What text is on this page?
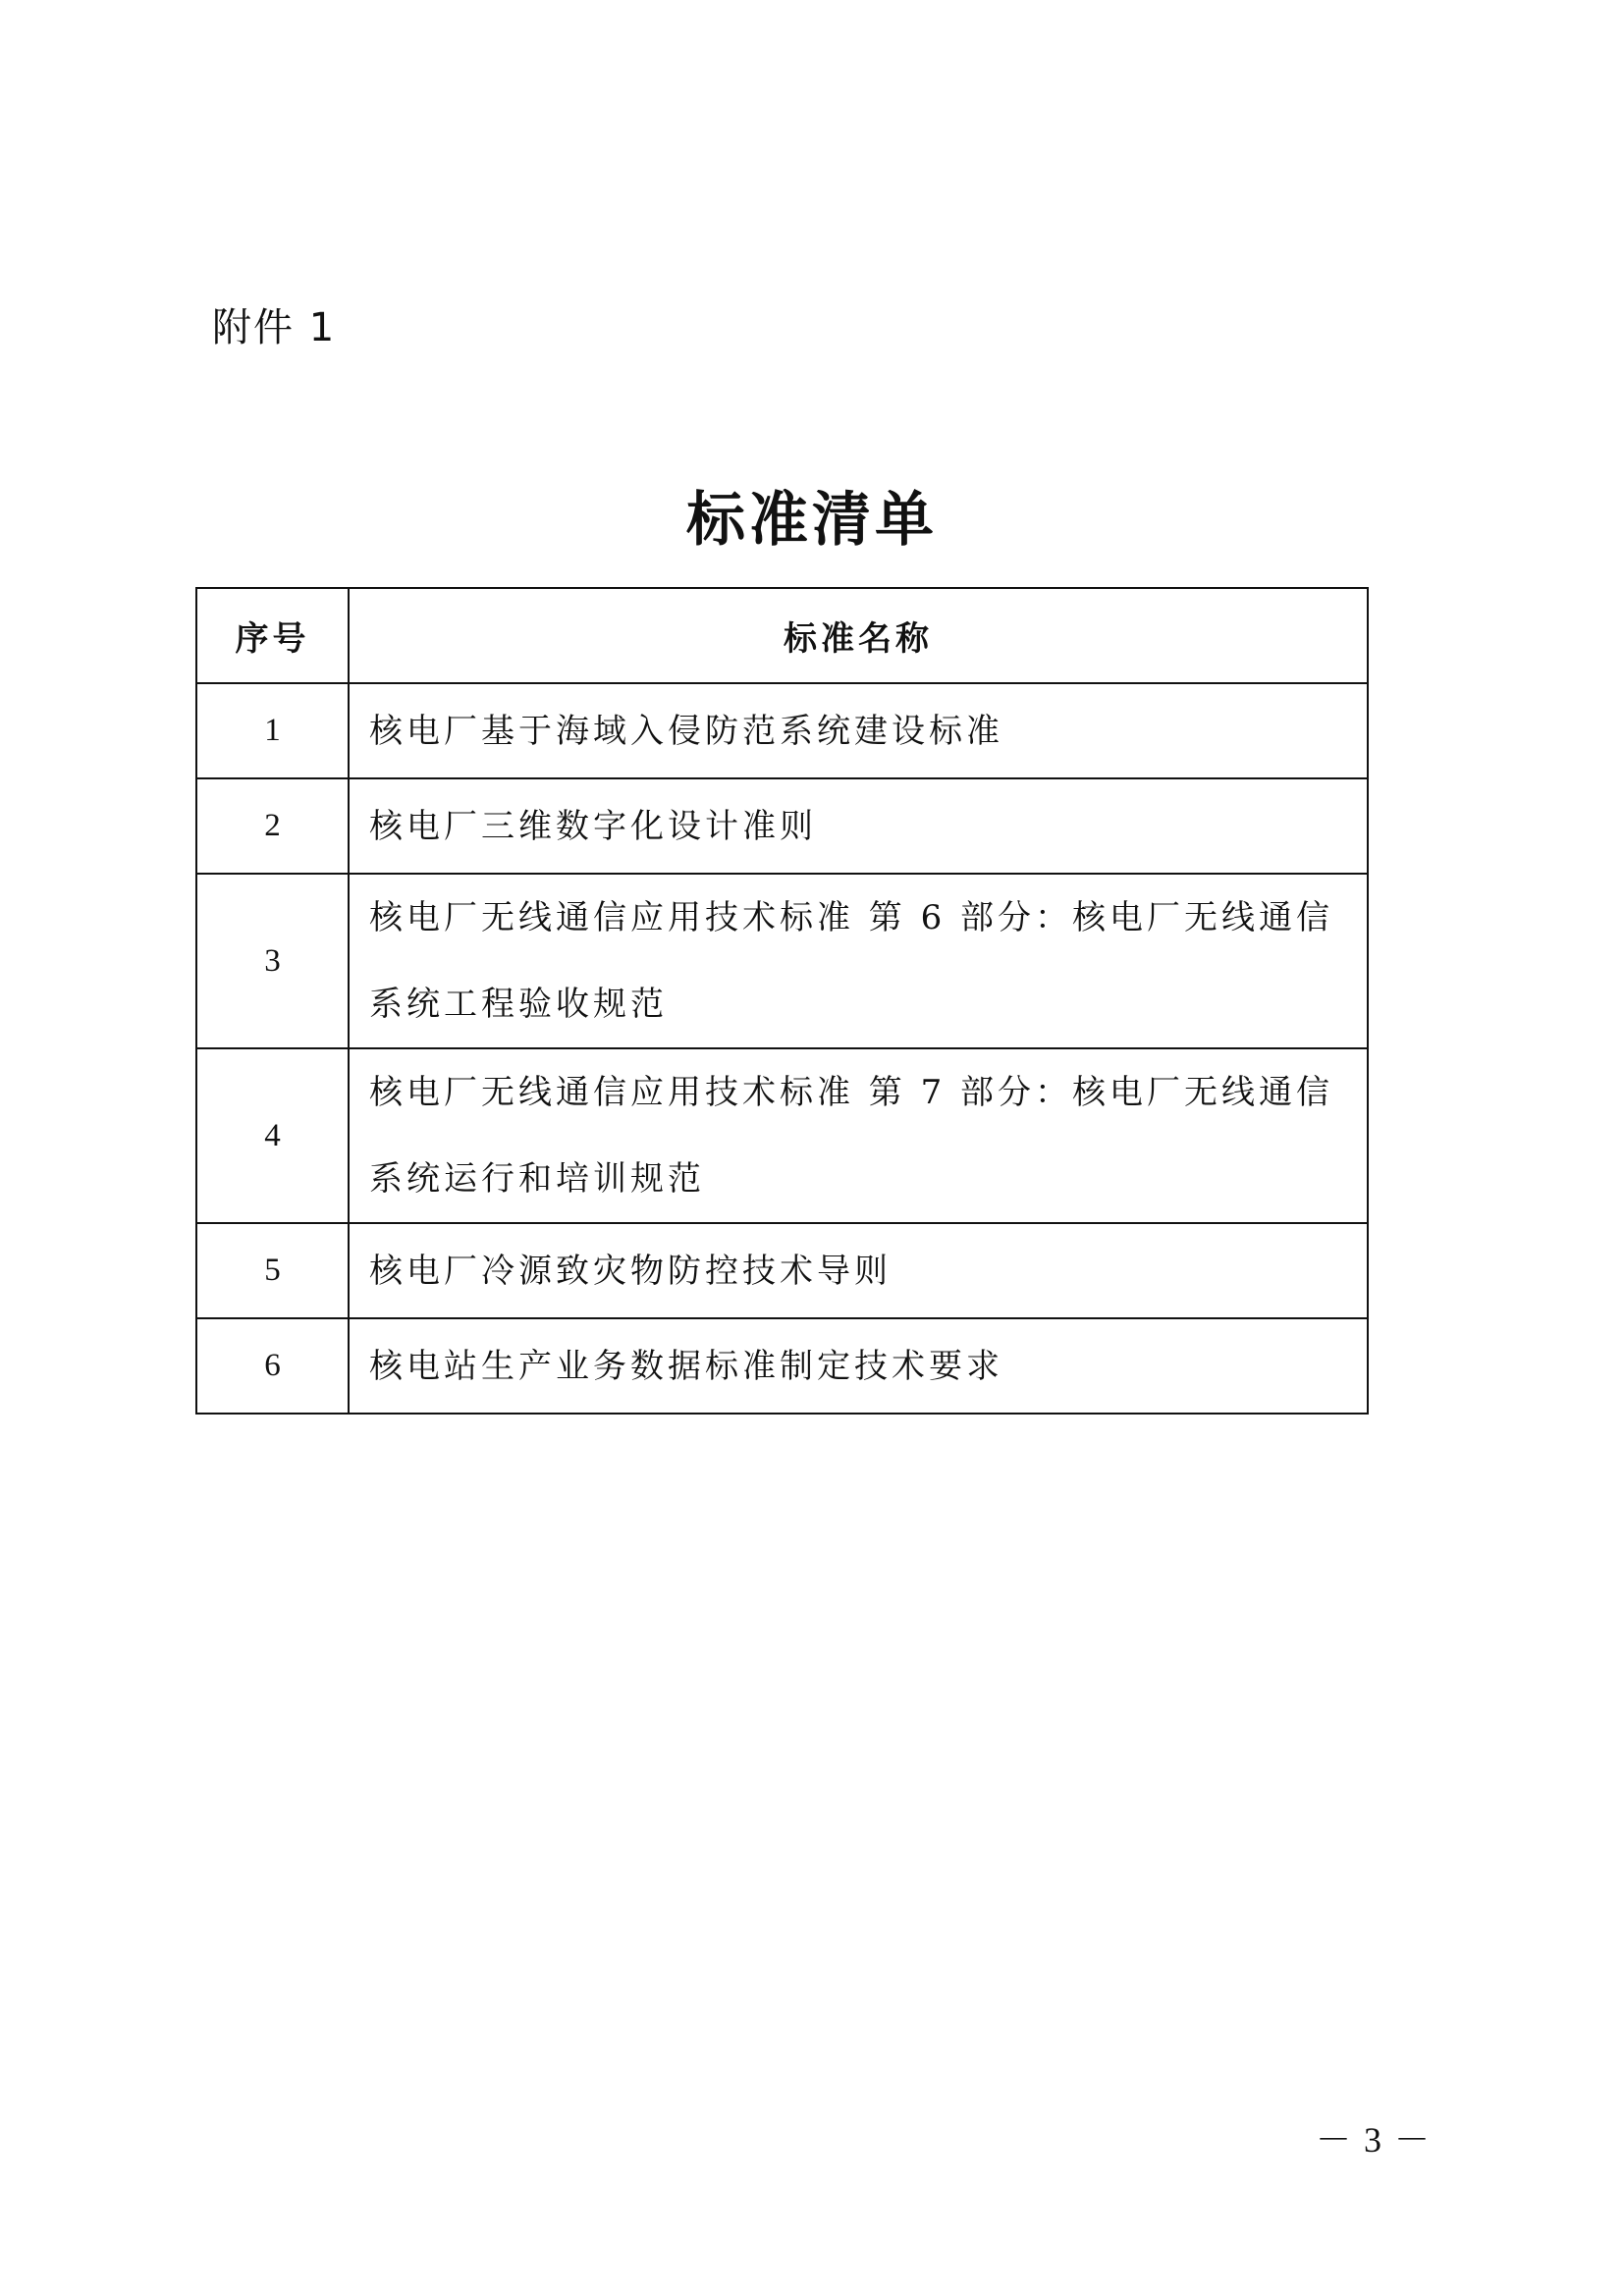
附件 1
标准清单
序号	标准名称
1	核电厂基于海域入侵防范系统建设标准
2	核电厂三维数字化设计准则
3	核电厂无线通信应用技术标准 第 6 部分：核电厂无线通信系统工程验收规范
4	核电厂无线通信应用技术标准 第 7 部分：核电厂无线通信系统运行和培训规范
5	核电厂冷源致灾物防控技术导则
6	核电站生产业务数据标准制定技术要求
－ 3 －
